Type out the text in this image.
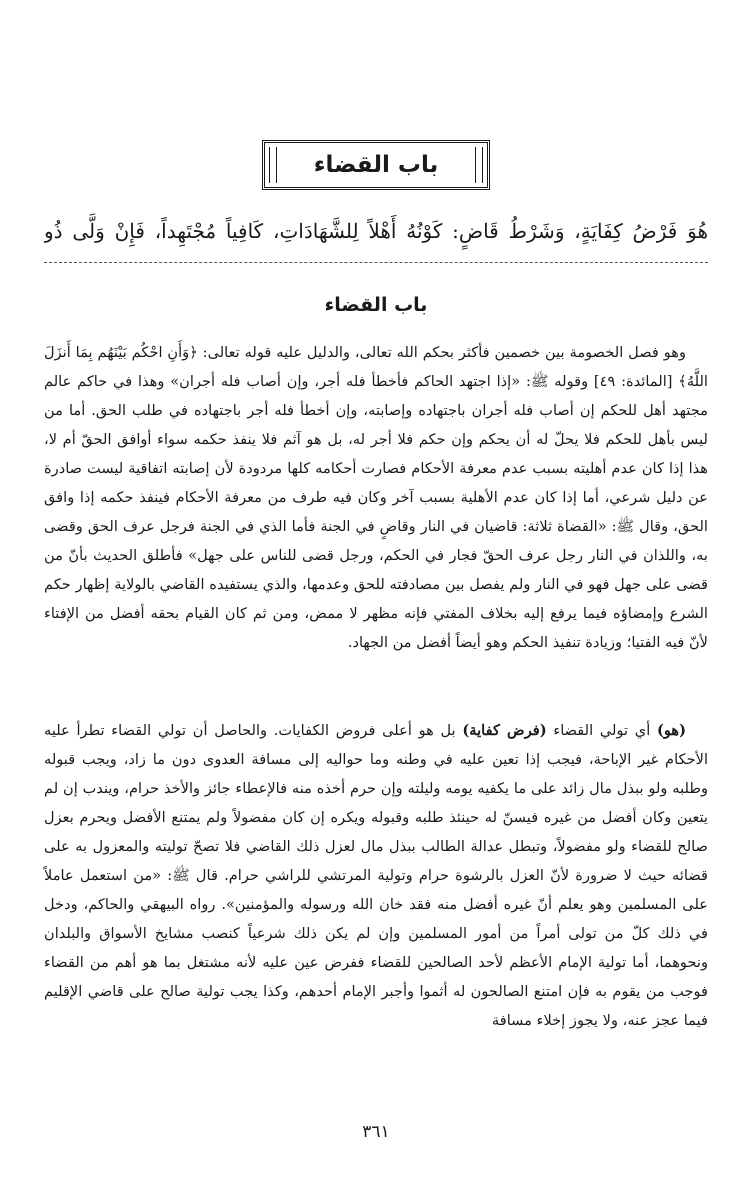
باب القضاء
هُوَ فَرْضُ كِفَايَةٍ، وَشَرْطُ قَاضٍ: كَوْنُهُ أَهْلاً لِلشَّهَادَاتِ، كَافِياً مُجْتَهِداً، فَإِنْ وَلَّى ذُو
باب القضاء
وهو فصل الخصومة بين خصمين فأكثر بحكم الله تعالى، والدليل عليه قوله تعالى: ﴿وَأَنِ احْكُم بَيْنَهُم بِمَا أَنزَلَ اللَّهُ﴾ [المائدة: ٤٩] وقوله ﷺ: «إذا اجتهد الحاكم فأخطأ فله أجر، وإن أصاب فله أجران» وهذا في حاكم عالم مجتهد أهل للحكم إن أصاب فله أجران باجتهاده وإصابته، وإن أخطأ فله أجر باجتهاده في طلب الحق. أما من ليس بأهل للحكم فلا يحلّ له أن يحكم وإن حكم فلا أجر له، بل هو آثم فلا ينفذ حكمه سواء أوافق الحقّ أم لا، هذا إذا كان عدم أهليته بسبب عدم معرفة الأحكام فصارت أحكامه كلها مردودة لأن إصابته اتفاقية ليست صادرة عن دليل شرعي، أما إذا كان عدم الأهلية بسبب آخر وكان فيه طرف من معرفة الأحكام فينفذ حكمه إذا وافق الحق، وقال ﷺ: «القضاة ثلاثة: قاضيان في النار وقاضٍ في الجنة فأما الذي في الجنة فرجل عرف الحق وقضى به، واللذان في النار رجل عرف الحقّ فجار في الحكم، ورجل قضى للناس على جهل» فأطلق الحديث بأنّ من قضى على جهل فهو في النار ولم يفصل بين مصادفته للحق وعدمها، والذي يستفيده القاضي بالولاية إظهار حكم الشرع وإمضاؤه فيما يرفع إليه بخلاف المفتي فإنه مظهر لا ممض، ومن ثم كان القيام بحقه أفضل من الإفتاء لأنّ فيه الفتيا؛ وزيادة تنفيذ الحكم وهو أيضاً أفضل من الجهاد.
(هو) أي تولي القضاء (فرض كفاية) بل هو أعلى فروض الكفايات. والحاصل أن تولي القضاء تطرأ عليه الأحكام غير الإباحة، فيجب إذا تعين عليه في وطنه وما حواليه إلى مسافة العدوى دون ما زاد، ويجب قبوله وطلبه ولو ببذل مال زائد على ما يكفيه يومه وليلته وإن حرم أخذه منه فالإعطاء جائز والأخذ حرام، ويندب إن لم يتعين وكان أفضل من غيره فيسنّ له حينئذ طلبه وقبوله ويكره إن كان مفضولاً ولم يمتنع الأفضل ويحرم بعزل صالح للقضاء ولو مفضولاً، وتبطل عدالة الطالب ببذل مال لعزل ذلك القاضي فلا تصحّ توليته والمعزول به على قضائه حيث لا ضرورة لأنّ العزل بالرشوة حرام وتولية المرتشي للراشي حرام. قال ﷺ: «من استعمل عاملاً على المسلمين وهو يعلم أنّ غيره أفضل منه فقد خان الله ورسوله والمؤمنين». رواه البيهقي والحاكم، ودخل في ذلك كلّ من تولى أمراً من أمور المسلمين وإن لم يكن ذلك شرعياً كنصب مشايخ الأسواق والبلدان ونحوهما، أما تولية الإمام الأعظم لأحد الصالحين للقضاء ففرض عين عليه لأنه مشتغل بما هو أهم من القضاء فوجب من يقوم به فإن امتنع الصالحون له أثموا وأجبر الإمام أحدهم، وكذا يجب تولية صالح على قاضي الإقليم فيما عجز عنه، ولا يجوز إخلاء مسافة
٣٦١
